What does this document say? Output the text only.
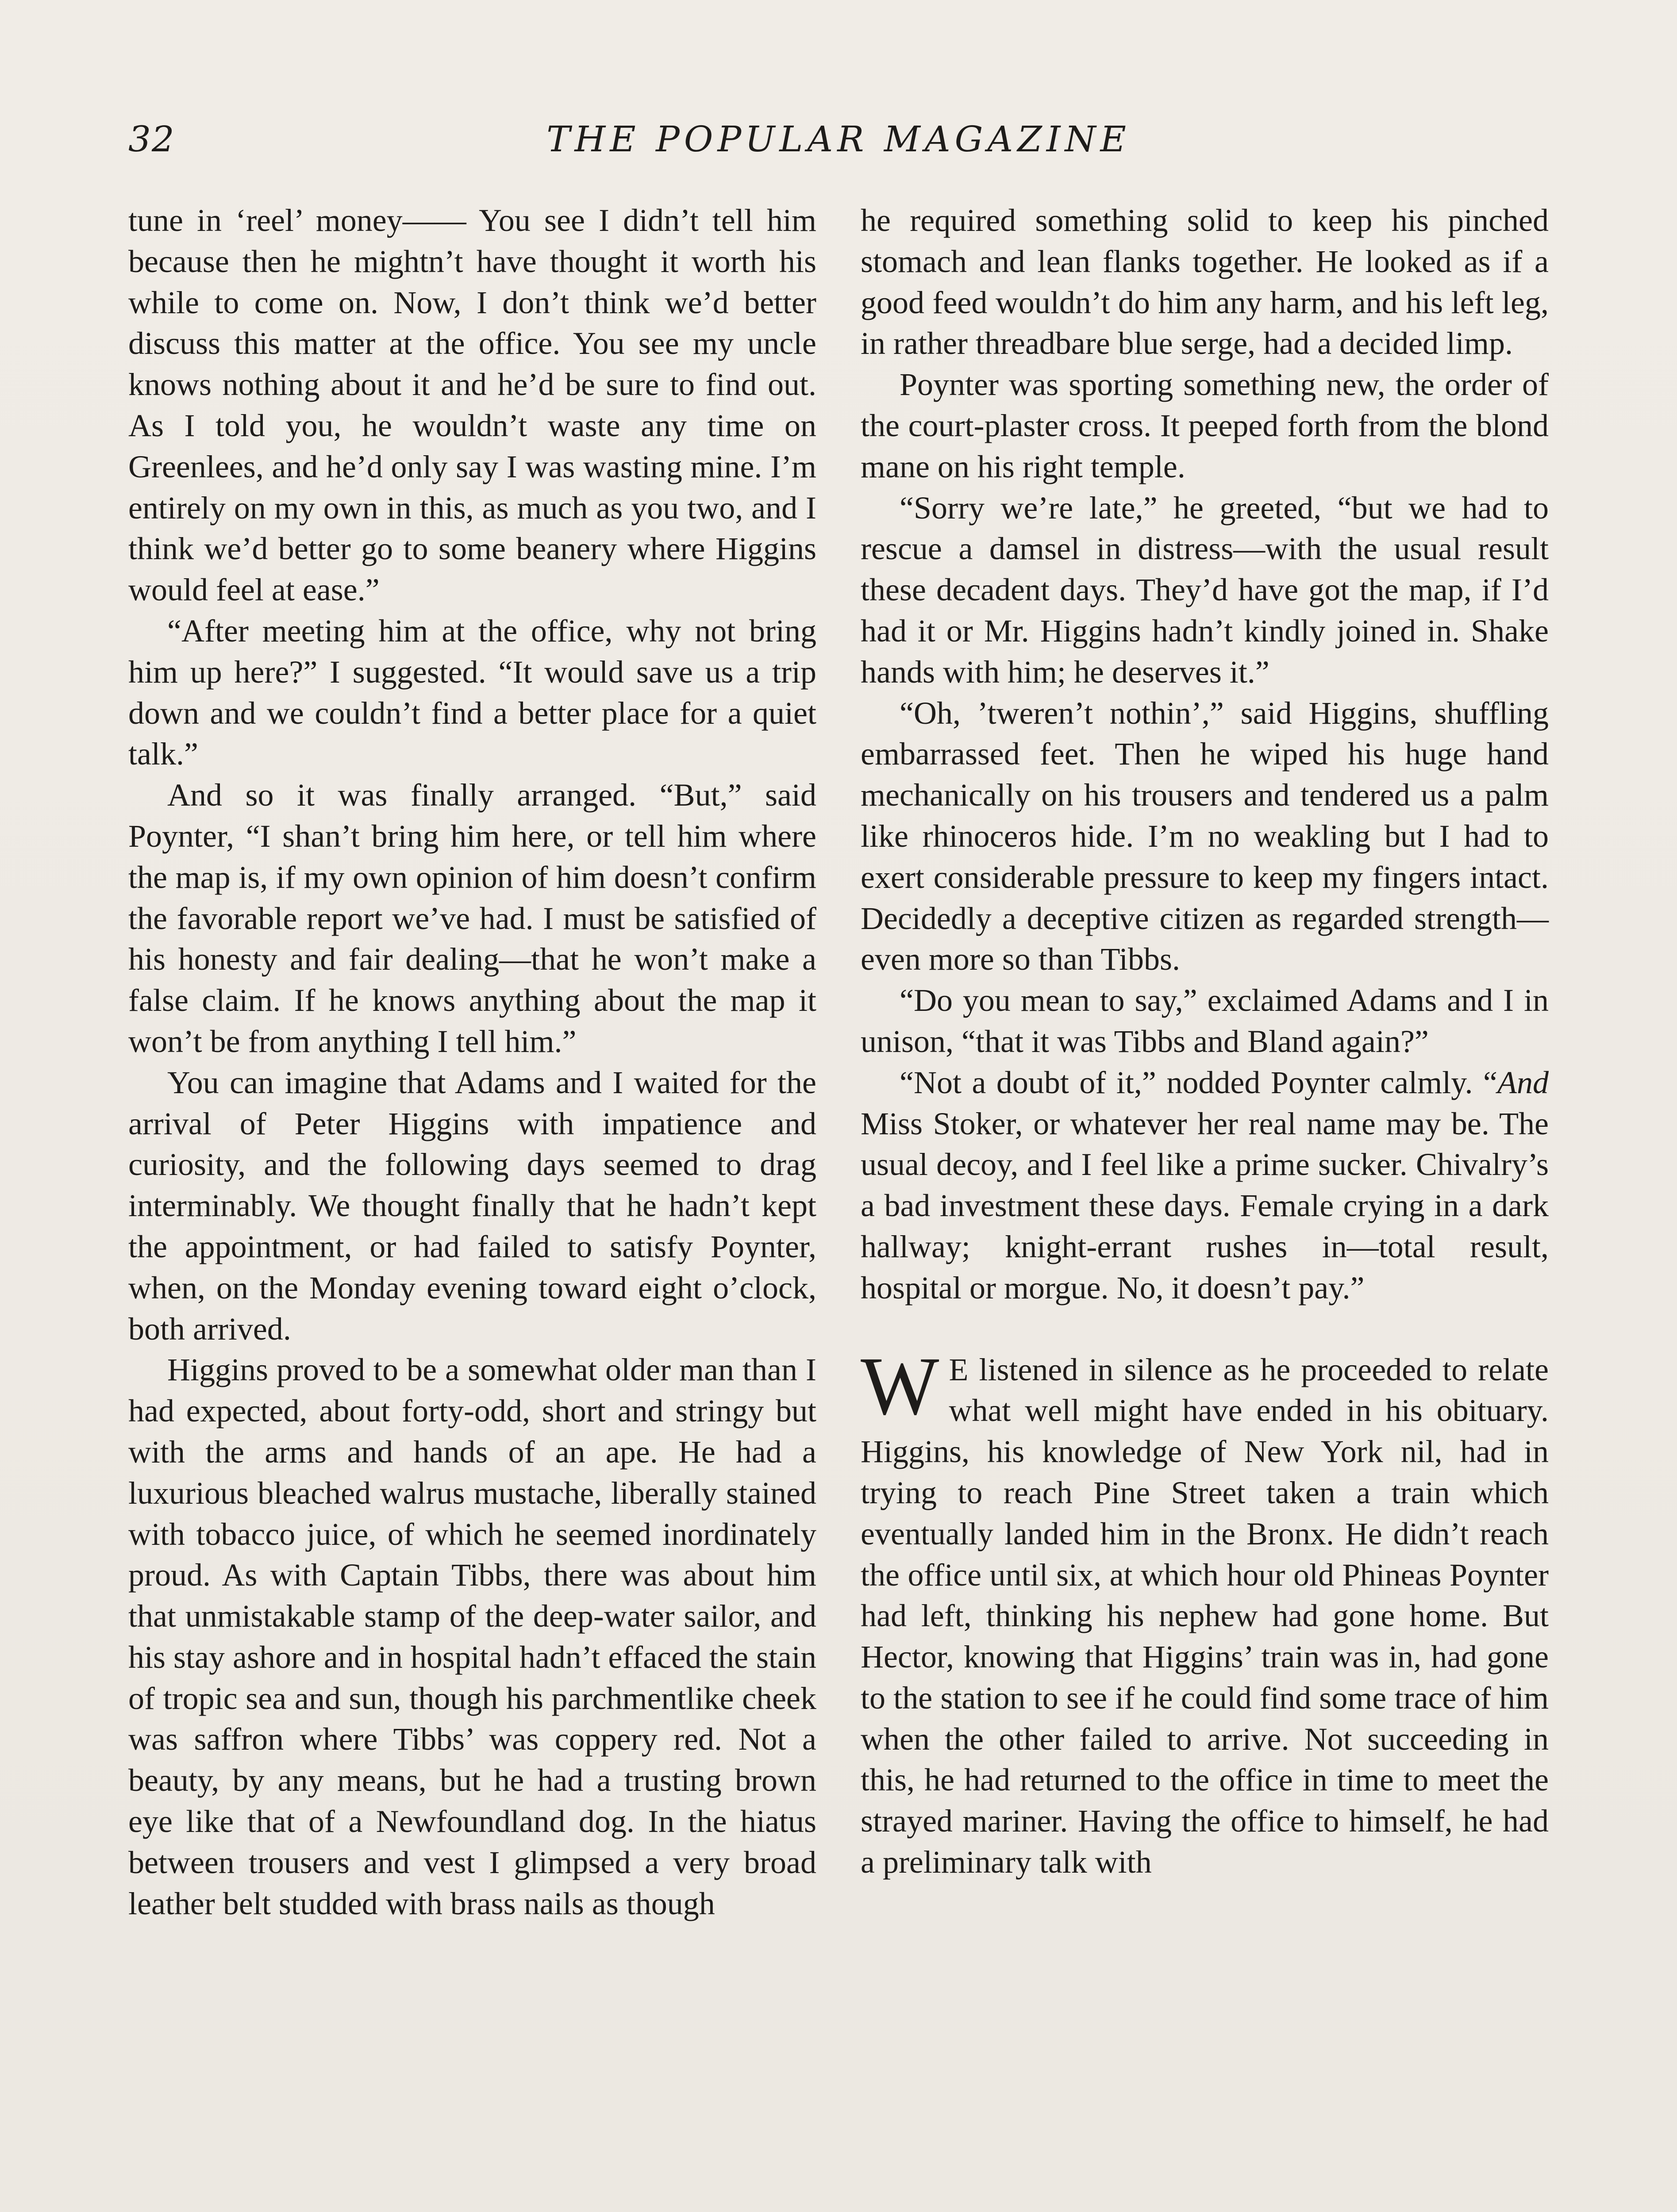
32	THE POPULAR MAGAZINE

tune in ‘reel’ money—— You see I didn’t tell him because then he mightn’t have thought it worth his while to come on. Now, I don’t think we’d better discuss this matter at the office. You see my uncle knows nothing about it and he’d be sure to find out. As I told you, he wouldn’t waste any time on Greenlees, and he’d only say I was wasting mine. I’m entirely on my own in this, as much as you two, and I think we’d better go to some beanery where Higgins would feel at ease.”

“After meeting him at the office, why not bring him up here?” I suggested. “It would save us a trip down and we couldn’t find a better place for a quiet talk.”

And so it was finally arranged. “But,” said Poynter, “I shan’t bring him here, or tell him where the map is, if my own opinion of him doesn’t confirm the favorable report we’ve had. I must be satisfied of his honesty and fair dealing—that he won’t make a false claim. If he knows anything about the map it won’t be from anything I tell him.”

You can imagine that Adams and I waited for the arrival of Peter Higgins with impatience and curiosity, and the following days seemed to drag interminably. We thought finally that he hadn’t kept the appointment, or had failed to satisfy Poynter, when, on the Monday evening toward eight o’clock, both arrived.

Higgins proved to be a somewhat older man than I had expected, about forty-odd, short and stringy but with the arms and hands of an ape. He had a luxurious bleached walrus mustache, liberally stained with tobacco juice, of which he seemed inordinately proud. As with Captain Tibbs, there was about him that unmistakable stamp of the deep-water sailor, and his stay ashore and in hospital hadn’t effaced the stain of tropic sea and sun, though his parchmentlike cheek was saffron where Tibbs’ was coppery red. Not a beauty, by any means, but he had a trusting brown eye like that of a Newfoundland dog. In the hiatus between trousers and vest I glimpsed a very broad leather belt studded with brass nails as though

he required something solid to keep his pinched stomach and lean flanks together. He looked as if a good feed wouldn’t do him any harm, and his left leg, in rather threadbare blue serge, had a decided limp.

Poynter was sporting something new, the order of the court-plaster cross. It peeped forth from the blond mane on his right temple.

“Sorry we’re late,” he greeted, “but we had to rescue a damsel in distress—with the usual result these decadent days. They’d have got the map, if I’d had it or Mr. Higgins hadn’t kindly joined in. Shake hands with him; he deserves it.”

“Oh, ’tweren’t nothin’,” said Higgins, shuffling embarrassed feet. Then he wiped his huge hand mechanically on his trousers and tendered us a palm like rhinoceros hide. I’m no weakling but I had to exert considerable pressure to keep my fingers intact. Decidedly a deceptive citizen as regarded strength—even more so than Tibbs.

“Do you mean to say,” exclaimed Adams and I in unison, “that it was Tibbs and Bland again?”

“Not a doubt of it,” nodded Poynter calmly. “And Miss Stoker, or whatever her real name may be. The usual decoy, and I feel like a prime sucker. Chivalry’s a bad investment these days. Female crying in a dark hallway; knight-errant rushes in—total result, hospital or morgue. No, it doesn’t pay.”

W E listened in silence as he proceeded to relate what well might have ended in his obituary. Higgins, his knowledge of New York nil, had in trying to reach Pine Street taken a train which eventually landed him in the Bronx. He didn’t reach the office until six, at which hour old Phineas Poynter had left, thinking his nephew had gone home. But Hector, knowing that Higgins’ train was in, had gone to the station to see if he could find some trace of him when the other failed to arrive. Not succeeding in this, he had returned to the office in time to meet the strayed mariner. Having the office to himself, he had a preliminary talk with
